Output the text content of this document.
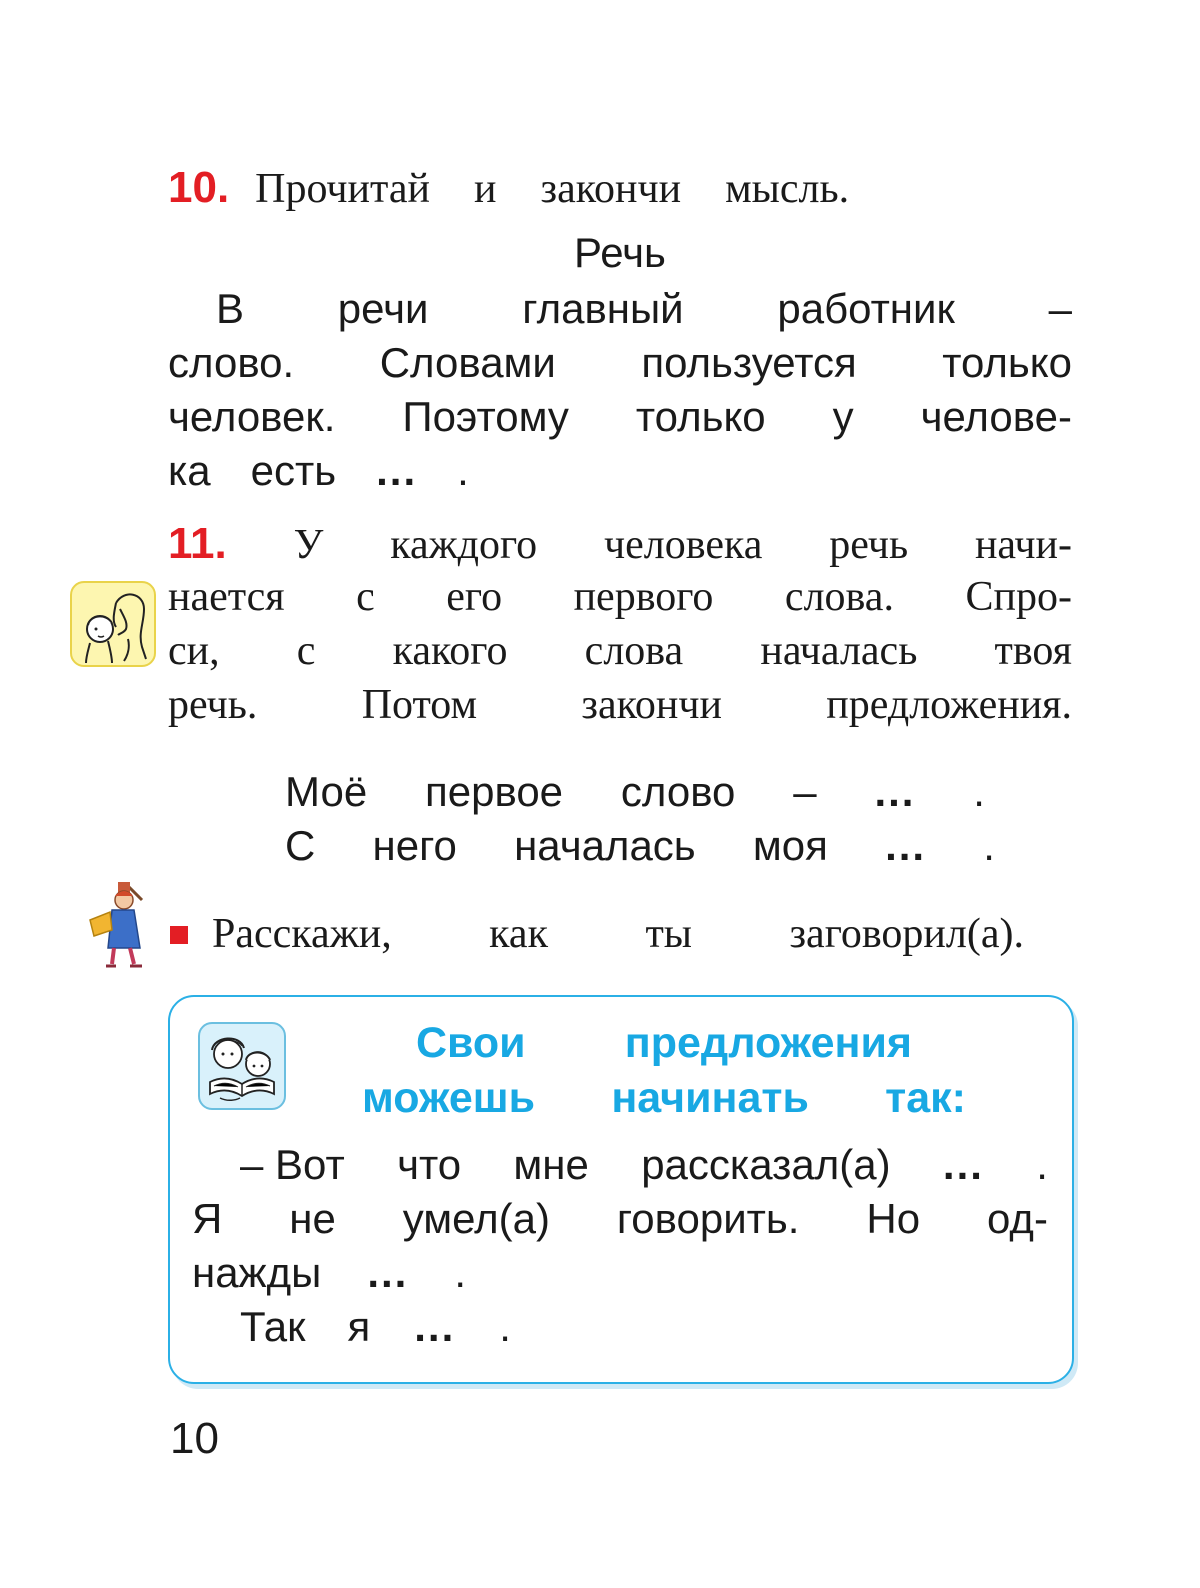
10. Прочитай и закончи мысль.
Речь
В речи главный работник –
слово. Словами пользуется только
человек. Поэтому только у челове-
ка есть ... .
11. У каждого человека речь начи-
нается с его первого слова. Спро-
си, с какого слова началась твоя
речь. Потом закончи предложения.
Моё первое слово – ... .
С него началась моя ... .
Расскажи, как ты заговорил(а).
Свои предложения
можешь начинать так:
– Вот что мне рассказал(а) ... .
Я не умел(а) говорить. Но од-
нажды ... .
Так я ... .
10
